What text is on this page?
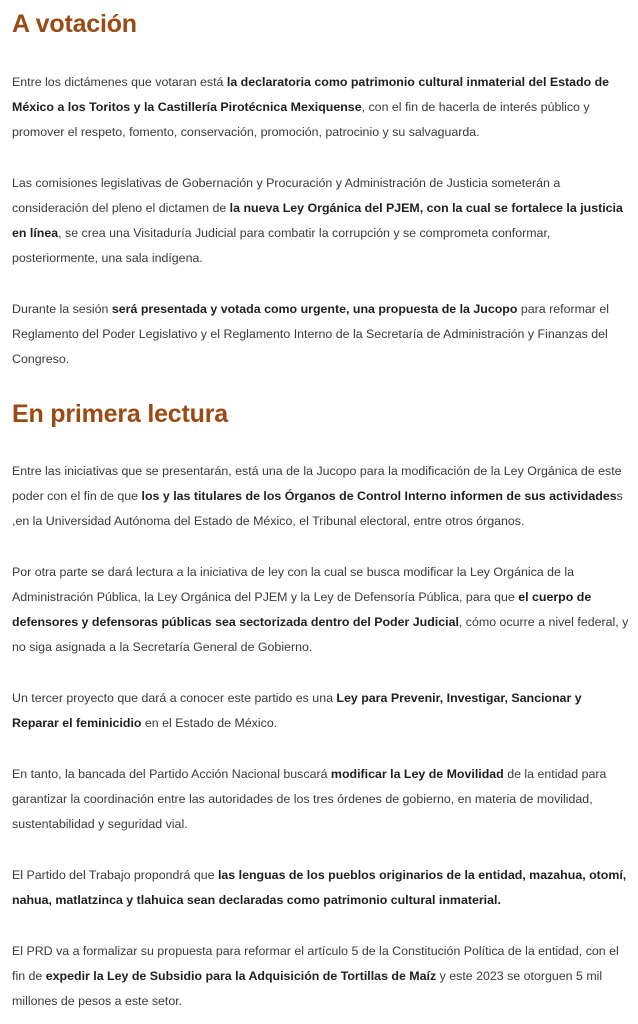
A votación

Entre los dictámenes que votaran está la declaratoria como patrimonio cultural inmaterial del Estado de México a los Toritos y la Castillería Pirotécnica Mexiquense, con el fin de hacerla de interés público y promover el respeto, fomento, conservación, promoción, patrocinio y su salvaguarda.

Las comisiones legislativas de Gobernación y Procuración y Administración de Justicia someterán a consideración del pleno el dictamen de la nueva Ley Orgánica del PJEM, con la cual se fortalece la justicia en línea, se crea una Visitaduría Judicial para combatir la corrupción y se comprometa conformar, posteriormente, una sala indígena.

Durante la sesión será presentada y votada como urgente, una propuesta de la Jucopo para reformar el Reglamento del Poder Legislativo y el Reglamento Interno de la Secretaría de Administración y Finanzas del Congreso.

En primera lectura

Entre las iniciativas que se presentarán, está una de la Jucopo para la modificación de la Ley Orgánica de este poder con el fin de que los y las titulares de los Órganos de Control Interno informen de sus actividadess ,en la Universidad Autónoma del Estado de México, el Tribunal electoral, entre otros órganos.

Por otra parte se dará lectura a la iniciativa de ley con la cual se busca modificar la Ley Orgánica de la Administración Pública, la Ley Orgánica del PJEM y la Ley de Defensoría Pública, para que el cuerpo de defensores y defensoras públicas sea sectorizada dentro del Poder Judicial, cómo ocurre a nivel federal, y no siga asignada a la Secretaría General de Gobierno.

Un tercer proyecto que dará a conocer este partido es una Ley para Prevenir, Investigar, Sancionar y Reparar el feminicidio en el Estado de México.

En tanto, la bancada del Partido Acción Nacional buscará modificar la Ley de Movilidad de la entidad para garantizar la coordinación entre las autoridades de los tres órdenes de gobierno, en materia de movilidad, sustentabilidad y seguridad vial.

El Partido del Trabajo propondrá que las lenguas de los pueblos originarios de la entidad, mazahua, otomí, nahua, matlatzinca y tlahuica sean declaradas como patrimonio cultural inmaterial.

El PRD va a formalizar su propuesta para reformar el artículo 5 de la Constitución Política de la entidad, con el fin de expedir la Ley de Subsidio para la Adquisición de Tortillas de Maíz y este 2023 se otorguen 5 mil millones de pesos a este setor.
